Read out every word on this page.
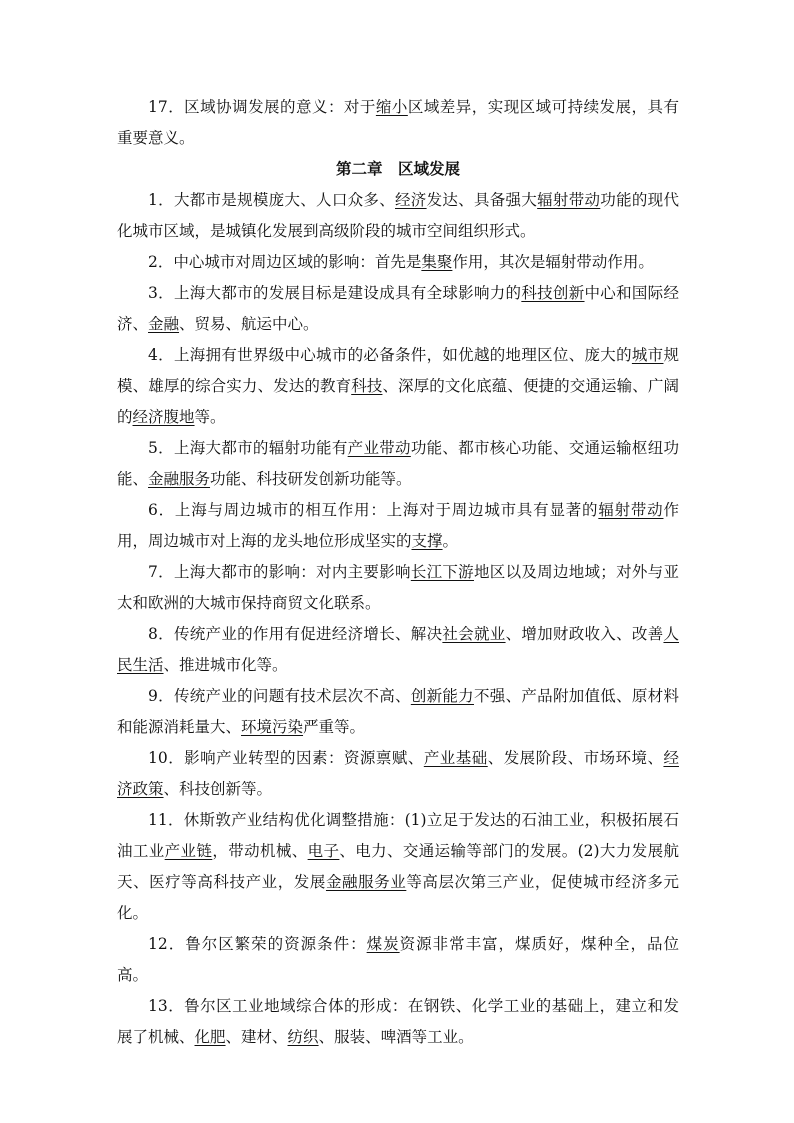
17．区域协调发展的意义：对于缩小区域差异，实现区域可持续发展，具有重要意义。

第二章　区域发展

1．大都市是规模庞大、人口众多、经济发达、具备强大辐射带动功能的现代化城市区域，是城镇化发展到高级阶段的城市空间组织形式。

2．中心城市对周边区域的影响：首先是集聚作用，其次是辐射带动作用。

3．上海大都市的发展目标是建设成具有全球影响力的科技创新中心和国际经济、金融、贸易、航运中心。

4．上海拥有世界级中心城市的必备条件，如优越的地理区位、庞大的城市规模、雄厚的综合实力、发达的教育科技、深厚的文化底蕴、便捷的交通运输、广阔的经济腹地等。

5．上海大都市的辐射功能有产业带动功能、都市核心功能、交通运输枢纽功能、金融服务功能、科技研发创新功能等。

6．上海与周边城市的相互作用：上海对于周边城市具有显著的辐射带动作用，周边城市对上海的龙头地位形成坚实的支撑。

7．上海大都市的影响：对内主要影响长江下游地区以及周边地域；对外与亚太和欧洲的大城市保持商贸文化联系。

8．传统产业的作用有促进经济增长、解决社会就业、增加财政收入、改善人民生活、推进城市化等。

9．传统产业的问题有技术层次不高、创新能力不强、产品附加值低、原材料和能源消耗量大、环境污染严重等。

10．影响产业转型的因素：资源禀赋、产业基础、发展阶段、市场环境、经济政策、科技创新等。

11．休斯敦产业结构优化调整措施：(1)立足于发达的石油工业，积极拓展石油工业产业链，带动机械、电子、电力、交通运输等部门的发展。(2)大力发展航天、医疗等高科技产业，发展金融服务业等高层次第三产业，促使城市经济多元化。

12．鲁尔区繁荣的资源条件：煤炭资源非常丰富，煤质好，煤种全，品位高。

13．鲁尔区工业地域综合体的形成：在钢铁、化学工业的基础上，建立和发展了机械、化肥、建材、纺织、服装、啤酒等工业。
